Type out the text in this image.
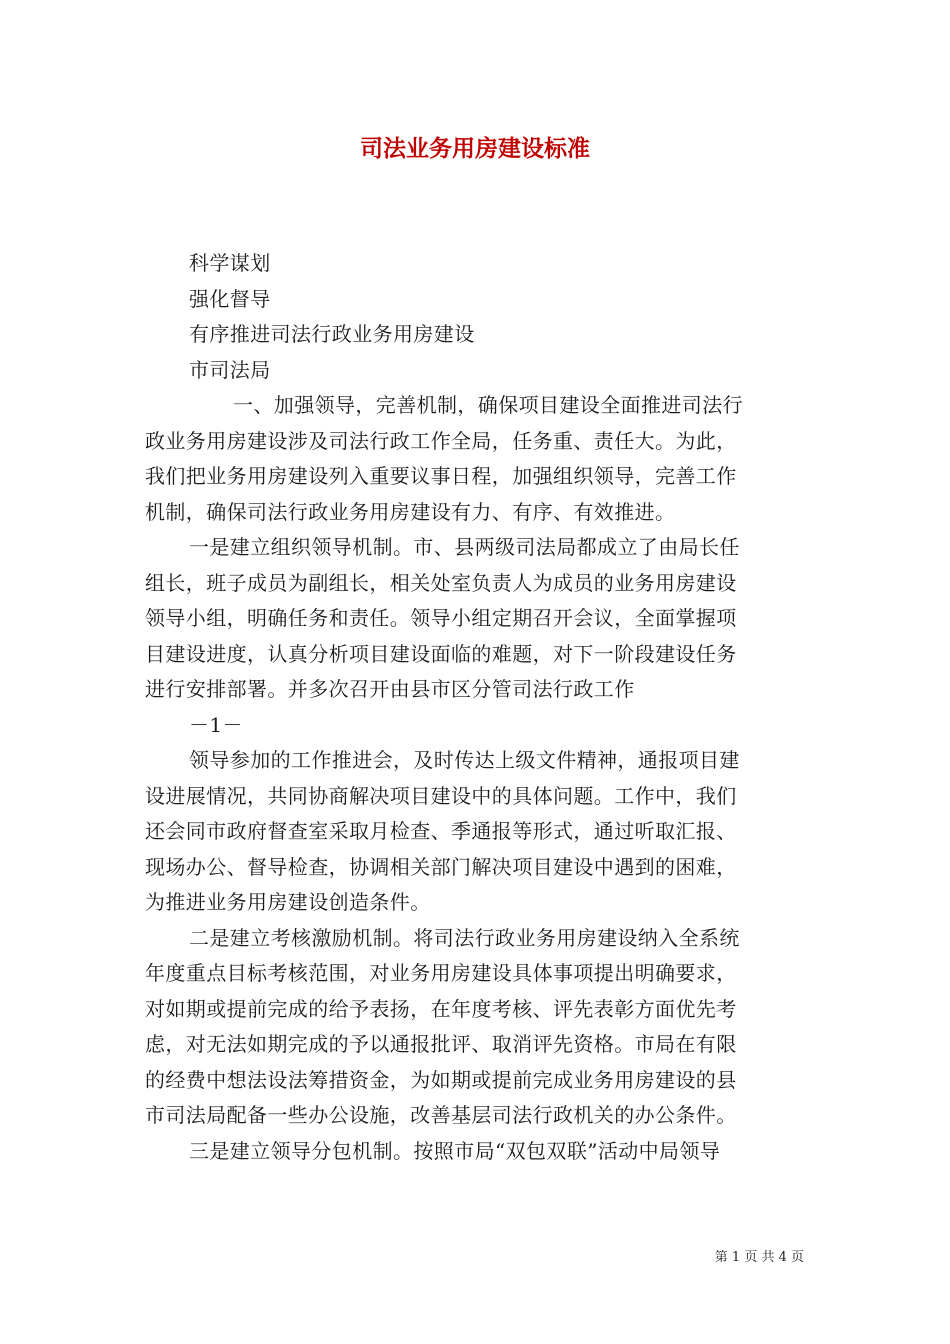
司法业务用房建设标准
科学谋划
强化督导
有序推进司法行政业务用房建设
市司法局
一、加强领导，完善机制，确保项目建设全面推进司法行
政业务用房建设涉及司法行政工作全局，任务重、责任大。为此，
我们把业务用房建设列入重要议事日程，加强组织领导，完善工作
机制，确保司法行政业务用房建设有力、有序、有效推进。
一是建立组织领导机制。市、县两级司法局都成立了由局长任
组长，班子成员为副组长，相关处室负责人为成员的业务用房建设
领导小组，明确任务和责任。领导小组定期召开会议，全面掌握项
目建设进度，认真分析项目建设面临的难题，对下一阶段建设任务
进行安排部署。并多次召开由县市区分管司法行政工作
－1－
领导参加的工作推进会，及时传达上级文件精神，通报项目建
设进展情况，共同协商解决项目建设中的具体问题。工作中，我们
还会同市政府督查室采取月检查、季通报等形式，通过听取汇报、
现场办公、督导检查，协调相关部门解决项目建设中遇到的困难，
为推进业务用房建设创造条件。
二是建立考核激励机制。将司法行政业务用房建设纳入全系统
年度重点目标考核范围，对业务用房建设具体事项提出明确要求，
对如期或提前完成的给予表扬，在年度考核、评先表彰方面优先考
虑，对无法如期完成的予以通报批评、取消评先资格。市局在有限
的经费中想法设法筹措资金，为如期或提前完成业务用房建设的县
市司法局配备一些办公设施，改善基层司法行政机关的办公条件。
三是建立领导分包机制。按照市局“双包双联”活动中局领导
第 1 页 共 4 页
